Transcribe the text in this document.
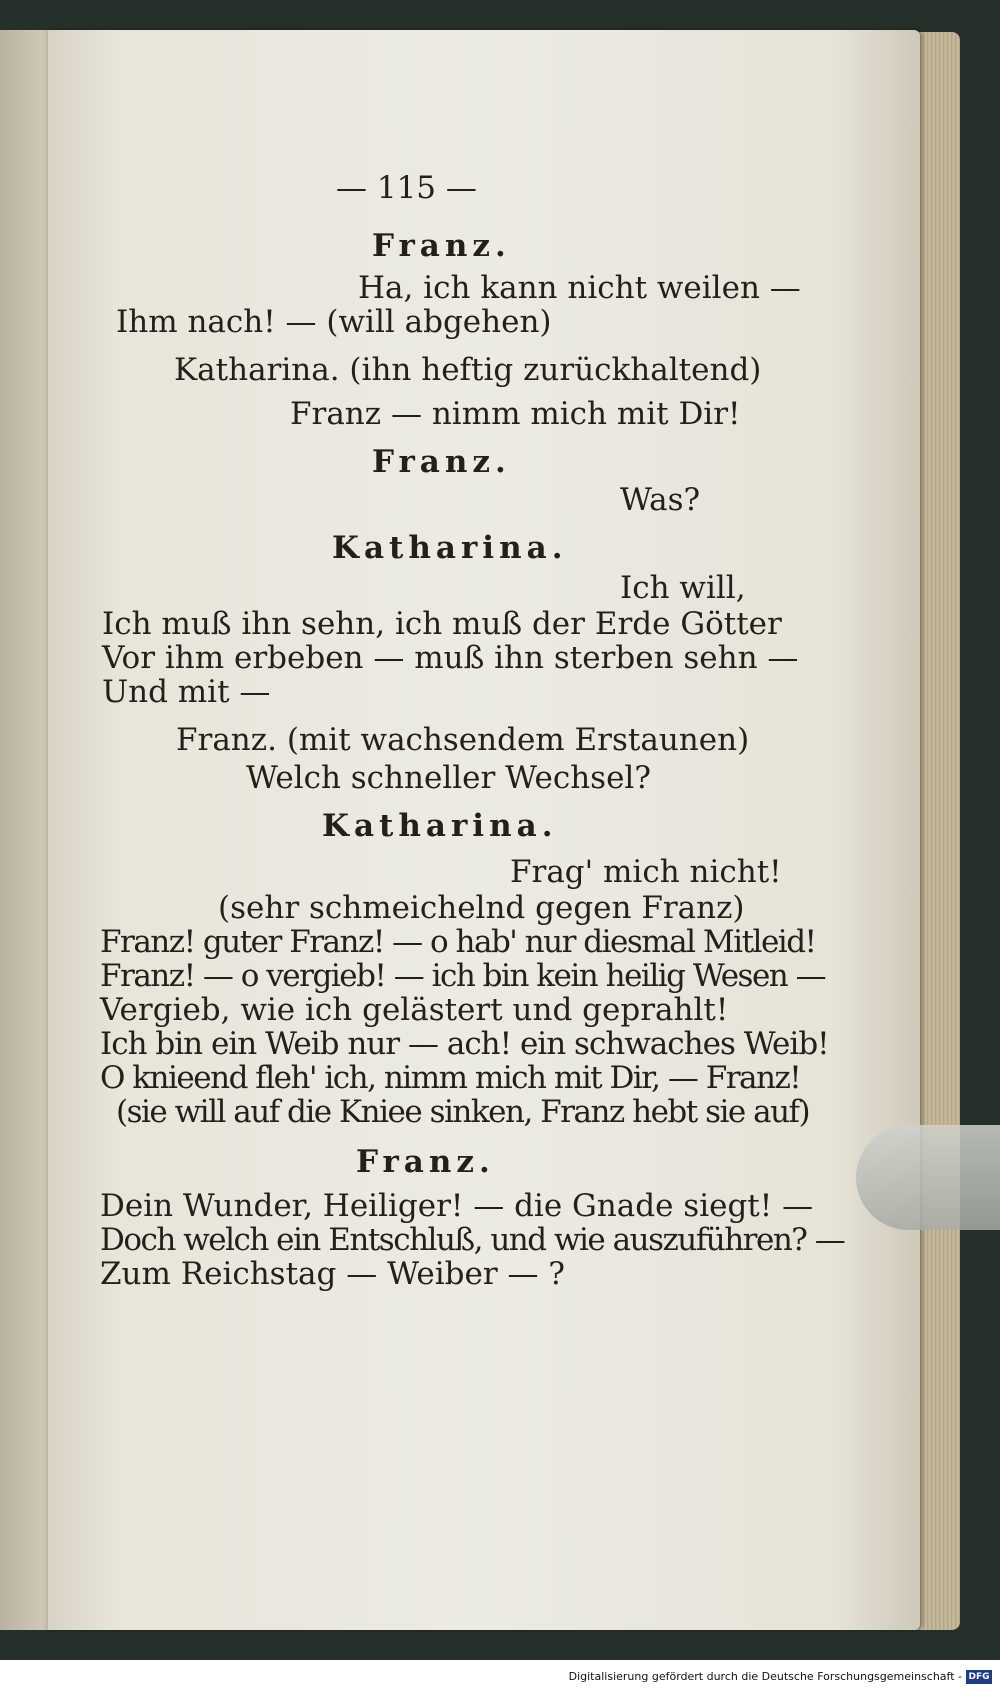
— 115 —
Franz.
Ha, ich kann nicht weilen —
Ihm nach! — (will abgehen)
Katharina. (ihn heftig zurückhaltend)
Franz — nimm mich mit Dir!
Franz.
Was?
Katharina.
Ich will,
Ich muß ihn sehn, ich muß der Erde Götter
Vor ihm erbeben — muß ihn sterben sehn —
Und mit —
Franz. (mit wachsendem Erstaunen)
Welch schneller Wechsel?
Katharina.
Frag' mich nicht!
(sehr schmeichelnd gegen Franz)
Franz! guter Franz! — o hab' nur diesmal Mitleid!
Franz! — o vergieb! — ich bin kein heilig Wesen —
Vergieb, wie ich gelästert und geprahlt!
Ich bin ein Weib nur — ach! ein schwaches Weib!
O knieend fleh' ich, nimm mich mit Dir, — Franz!
(sie will auf die Kniee sinken, Franz hebt sie auf)
Franz.
Dein Wunder, Heiliger! — die Gnade siegt! —
Doch welch ein Entschluß, und wie auszuführen? —
Zum Reichstag — Weiber — ?
Digitalisierung gefördert durch die Deutsche Forschungsgemeinschaft - DFG
